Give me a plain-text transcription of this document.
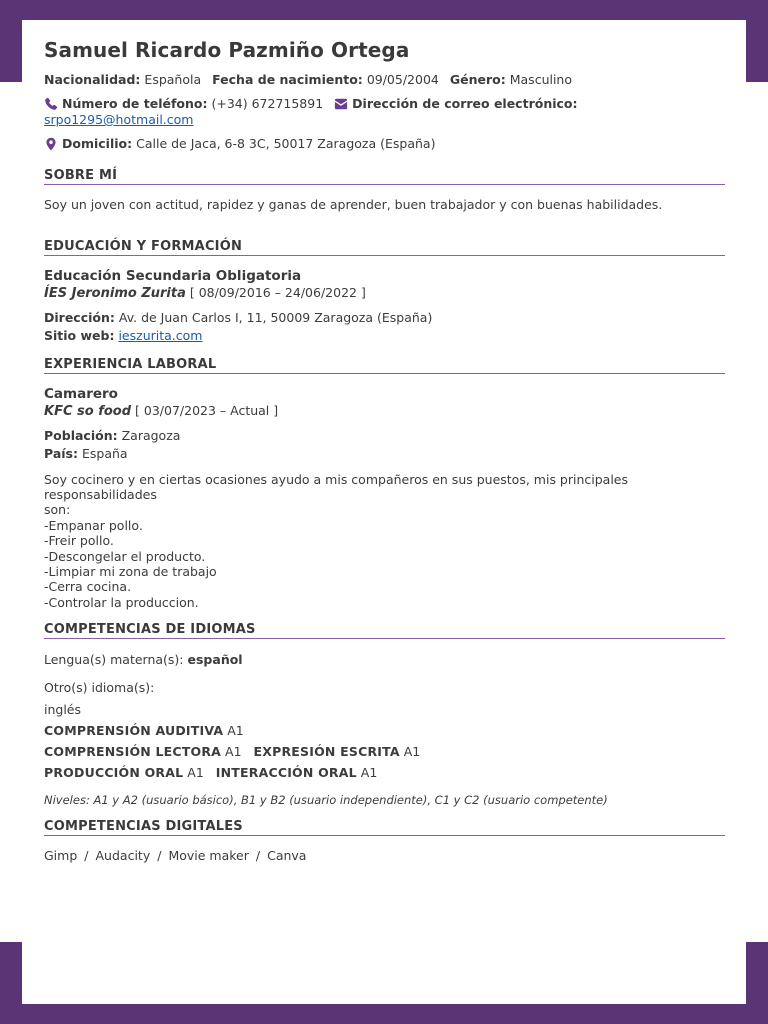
Samuel Ricardo Pazmiño Ortega
Nacionalidad: Española Fecha de nacimiento: 09/05/2004 Género: Masculino
Número de teléfono: (+34) 672715891 Dirección de correo electrónico:
srpo1295@hotmail.com
Domicilio: Calle de Jaca, 6-8 3C, 50017 Zaragoza (España)
SOBRE MÍ

Soy un joven con actitud, rapidez y ganas de aprender, buen trabajador y con buenas habilidades.

EDUCACIÓN Y FORMACIÓN

Educación Secundaria Obligatoria

ÍES Jeronimo Zurita [ 08/09/2016 – 24/06/2022 ]

Dirección: Av. de Juan Carlos I, 11, 50009 Zaragoza (España)

Sitio web: ieszurita.com

EXPERIENCIA LABORAL

Camarero

KFC so food [ 03/07/2023 – Actual ]

Población: Zaragoza

País: España

Soy cocinero y en ciertas ocasiones ayudo a mis compañeros en sus puestos, mis principales responsabilidades
son:
-Empanar pollo.
-Freir pollo.
-Descongelar el producto.
-Limpiar mi zona de trabajo
-Cerra cocina.
-Controlar la produccion.
COMPETENCIAS DE IDIOMAS

Lengua(s) materna(s): español

Otro(s) idioma(s):

inglés

COMPRENSIÓN AUDITIVA A1

COMPRENSIÓN LECTORA A1 EXPRESIÓN ESCRITA A1

PRODUCCIÓN ORAL A1 INTERACCIÓN ORAL A1

Niveles: A1 y A2 (usuario básico), B1 y B2 (usuario independiente), C1 y C2 (usuario competente)

COMPETENCIAS DIGITALES

Gimp / Audacity / Movie maker / Canva
